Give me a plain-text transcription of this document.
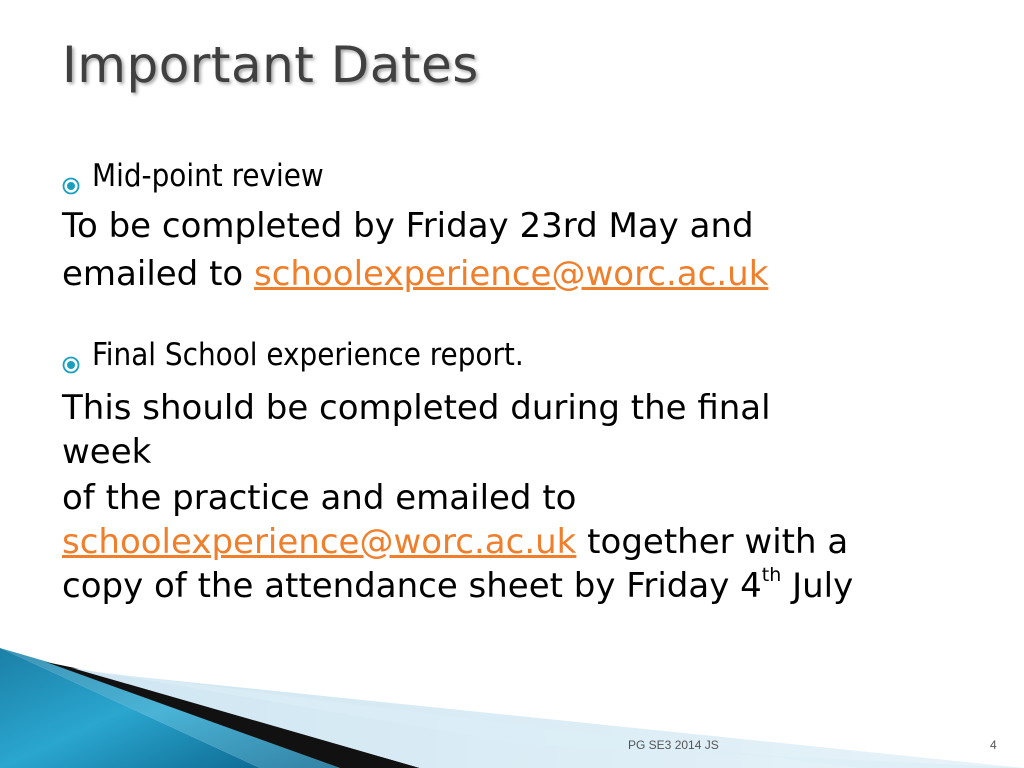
Important Dates
Mid-point review
To be completed by Friday 23rd May and
emailed to schoolexperience@worc.ac.uk
Final School experience report.
This should be completed during the final
week
of the practice and emailed to
schoolexperience@worc.ac.uk together with a
copy of the attendance sheet by Friday 4th July
PG SE3 2014 JS	4
